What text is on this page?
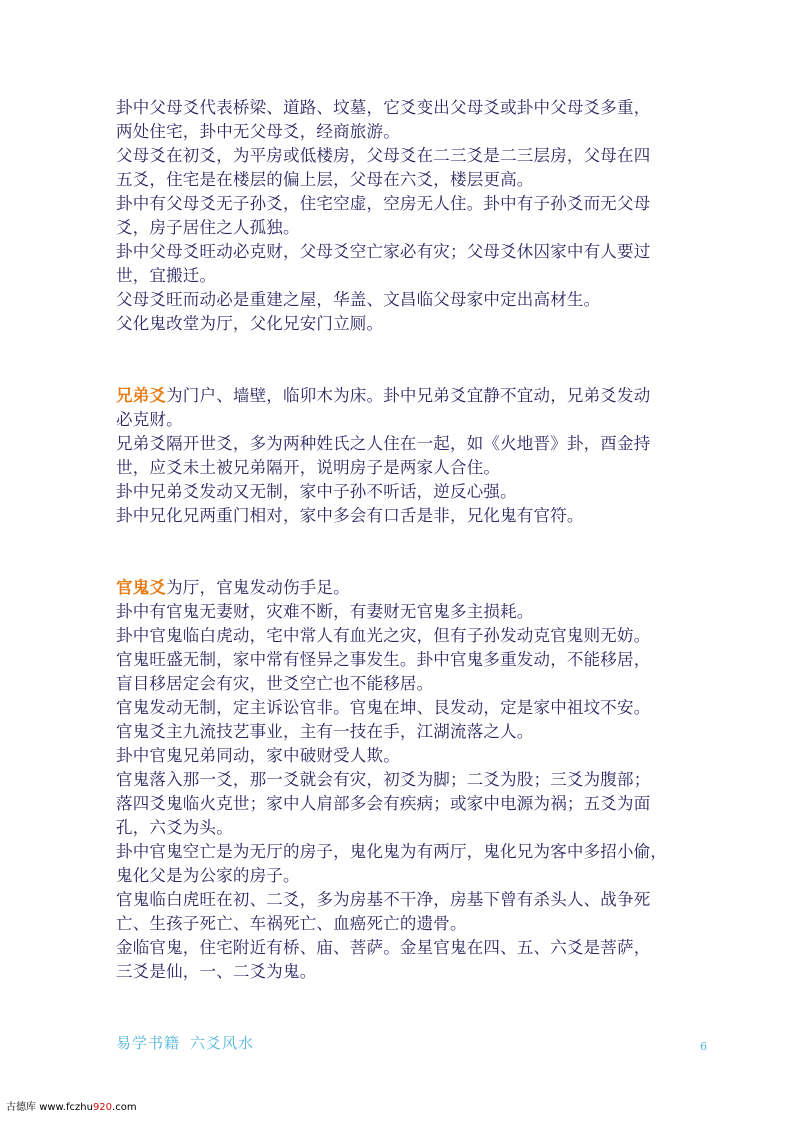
卦中父母爻代表桥梁、道路、坟墓，它爻变出父母爻或卦中父母爻多重，
两处住宅，卦中无父母爻，经商旅游。
父母爻在初爻，为平房或低楼房，父母爻在二三爻是二三层房，父母在四
五爻，住宅是在楼层的偏上层，父母在六爻，楼层更高。
卦中有父母爻无子孙爻，住宅空虚，空房无人住。卦中有子孙爻而无父母
爻，房子居住之人孤独。
卦中父母爻旺动必克财，父母爻空亡家必有灾；父母爻休囚家中有人要过
世，宜搬迁。
父母爻旺而动必是重建之屋，华盖、文昌临父母家中定出高材生。
父化鬼改堂为厅，父化兄安门立厕。
兄弟爻为门户、墙壁，临卯木为床。卦中兄弟爻宜静不宜动，兄弟爻发动
必克财。
兄弟爻隔开世爻，多为两种姓氏之人住在一起，如《火地晋》卦，酉金持
世，应爻未土被兄弟隔开，说明房子是两家人合住。
卦中兄弟爻发动又无制，家中子孙不听话，逆反心强。
卦中兄化兄两重门相对，家中多会有口舌是非，兄化鬼有官符。
官鬼爻为厅，官鬼发动伤手足。
卦中有官鬼无妻财，灾难不断，有妻财无官鬼多主损耗。
卦中官鬼临白虎动，宅中常人有血光之灾，但有子孙发动克官鬼则无妨。
官鬼旺盛无制，家中常有怪异之事发生。卦中官鬼多重发动，不能移居，
盲目移居定会有灾，世爻空亡也不能移居。
官鬼发动无制，定主诉讼官非。官鬼在坤、艮发动，定是家中祖坟不安。
官鬼爻主九流技艺事业，主有一技在手，江湖流落之人。
卦中官鬼兄弟同动，家中破财受人欺。
官鬼落入那一爻，那一爻就会有灾，初爻为脚；二爻为股；三爻为腹部；
落四爻鬼临火克世；家中人肩部多会有疾病；或家中电源为祸；五爻为面
孔，六爻为头。
卦中官鬼空亡是为无厅的房子，鬼化鬼为有两厅，鬼化兄为客中多招小偷，
鬼化父是为公家的房子。
官鬼临白虎旺在初、二爻，多为房基不干净，房基下曾有杀头人、战争死
亡、生孩子死亡、车祸死亡、血癌死亡的遗骨。
金临官鬼，住宅附近有桥、庙、菩萨。金星官鬼在四、五、六爻是菩萨，
三爻是仙，一、二爻为鬼。
易学书籍 六爻风水	6
古德库 www.fczhu920.com
